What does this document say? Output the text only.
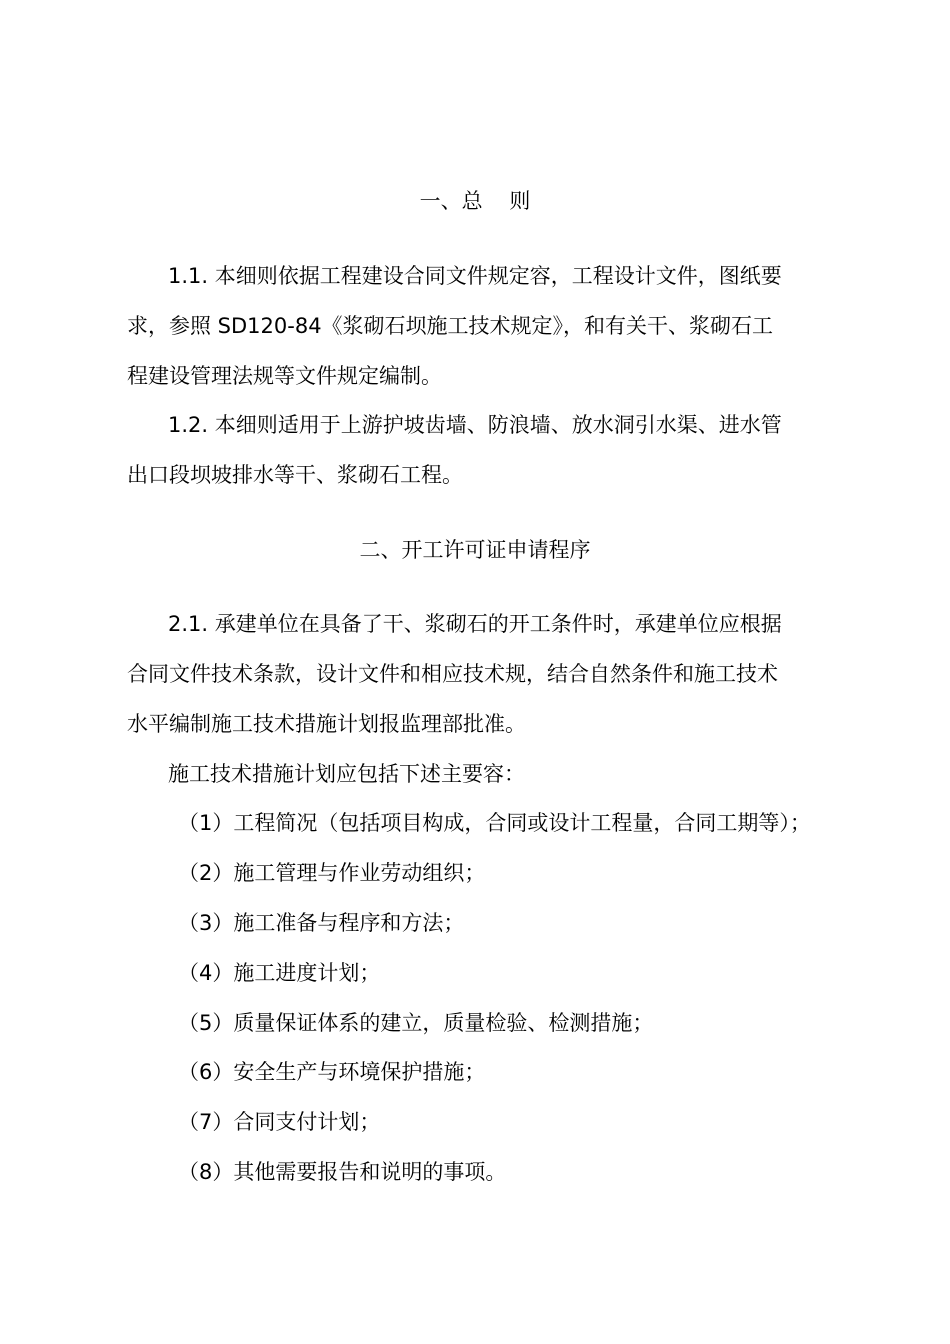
一、总    则
1.1. 本细则依据工程建设合同文件规定容，工程设计文件，图纸要
求，参照 SD120-84《浆砌石坝施工技术规定》，和有关干、浆砌石工
程建设管理法规等文件规定编制。
1.2. 本细则适用于上游护坡齿墙、防浪墙、放水洞引水渠、进水管
出口段坝坡排水等干、浆砌石工程。
二、开工许可证申请程序
2.1. 承建单位在具备了干、浆砌石的开工条件时，承建单位应根据
合同文件技术条款，设计文件和相应技术规，结合自然条件和施工技术
水平编制施工技术措施计划报监理部批准。
施工技术措施计划应包括下述主要容：
（1）工程简况（包括项目构成，合同或设计工程量，合同工期等）；
（2）施工管理与作业劳动组织；
（3）施工准备与程序和方法；
（4）施工进度计划；
（5）质量保证体系的建立，质量检验、检测措施；
（6）安全生产与环境保护措施；
（7）合同支付计划；
（8）其他需要报告和说明的事项。
